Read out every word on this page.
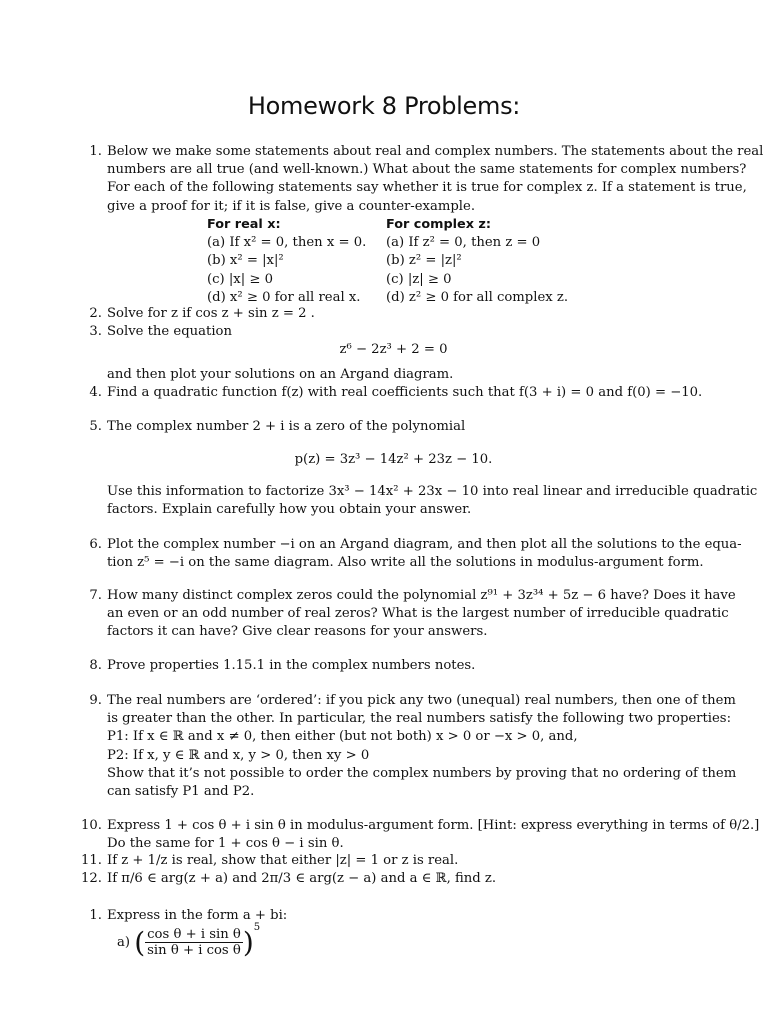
Homework 8 Problems:
1. Below we make some statements about real and complex numbers. The statements about the real
numbers are all true (and well-known.) What about the same statements for complex numbers?
For each of the following statements say whether it is true for complex z. If a statement is true,
give a proof for it; if it is false, give a counter-example.
For real x:
(a) If x² = 0, then x = 0.
(b) x² = |x|²
(c) |x| ≥ 0
(d) x² ≥ 0 for all real x.
For complex z:
(a) If z² = 0, then z = 0
(b) z² = |z|²
(c) |z| ≥ 0
(d) z² ≥ 0 for all complex z.
2. Solve for z if cos z + sin z = 2 .
3. Solve the equation
z⁶ − 2z³ + 2 = 0
and then plot your solutions on an Argand diagram.
4. Find a quadratic function f(z) with real coefficients such that f(3 + i) = 0 and f(0) = −10.
5. The complex number 2 + i is a zero of the polynomial
p(z) = 3z³ − 14z² + 23z − 10.
Use this information to factorize 3x³ − 14x² + 23x − 10 into real linear and irreducible quadratic
factors. Explain carefully how you obtain your answer.
6. Plot the complex number −i on an Argand diagram, and then plot all the solutions to the equa-
tion z⁵ = −i on the same diagram. Also write all the solutions in modulus-argument form.
7. How many distinct complex zeros could the polynomial z⁹¹ + 3z³⁴ + 5z − 6 have? Does it have
an even or an odd number of real zeros? What is the largest number of irreducible quadratic
factors it can have? Give clear reasons for your answers.
8. Prove properties 1.15.1 in the complex numbers notes.
9. The real numbers are ‘ordered’: if you pick any two (unequal) real numbers, then one of them
is greater than the other. In particular, the real numbers satisfy the following two properties:
P1: If x ∈ ℝ and x ≠ 0, then either (but not both) x > 0 or −x > 0, and,
P2: If x, y ∈ ℝ and x, y > 0, then xy > 0
Show that it’s not possible to order the complex numbers by proving that no ordering of them
can satisfy P1 and P2.
10. Express 1 + cos θ + i sin θ in modulus-argument form. [Hint: express everything in terms of θ/2.]
Do the same for 1 + cos θ − i sin θ.
11. If z + 1/z is real, show that either |z| = 1 or z is real.
12. If π/6 ∈ arg(z + a) and 2π/3 ∈ arg(z − a) and a ∈ ℝ, find z.
1. Express in the form a + bi:
a) ( $\frac{\text{cos θ + i sin θ}}{\text{sin θ + i cos θ}} )^5$
